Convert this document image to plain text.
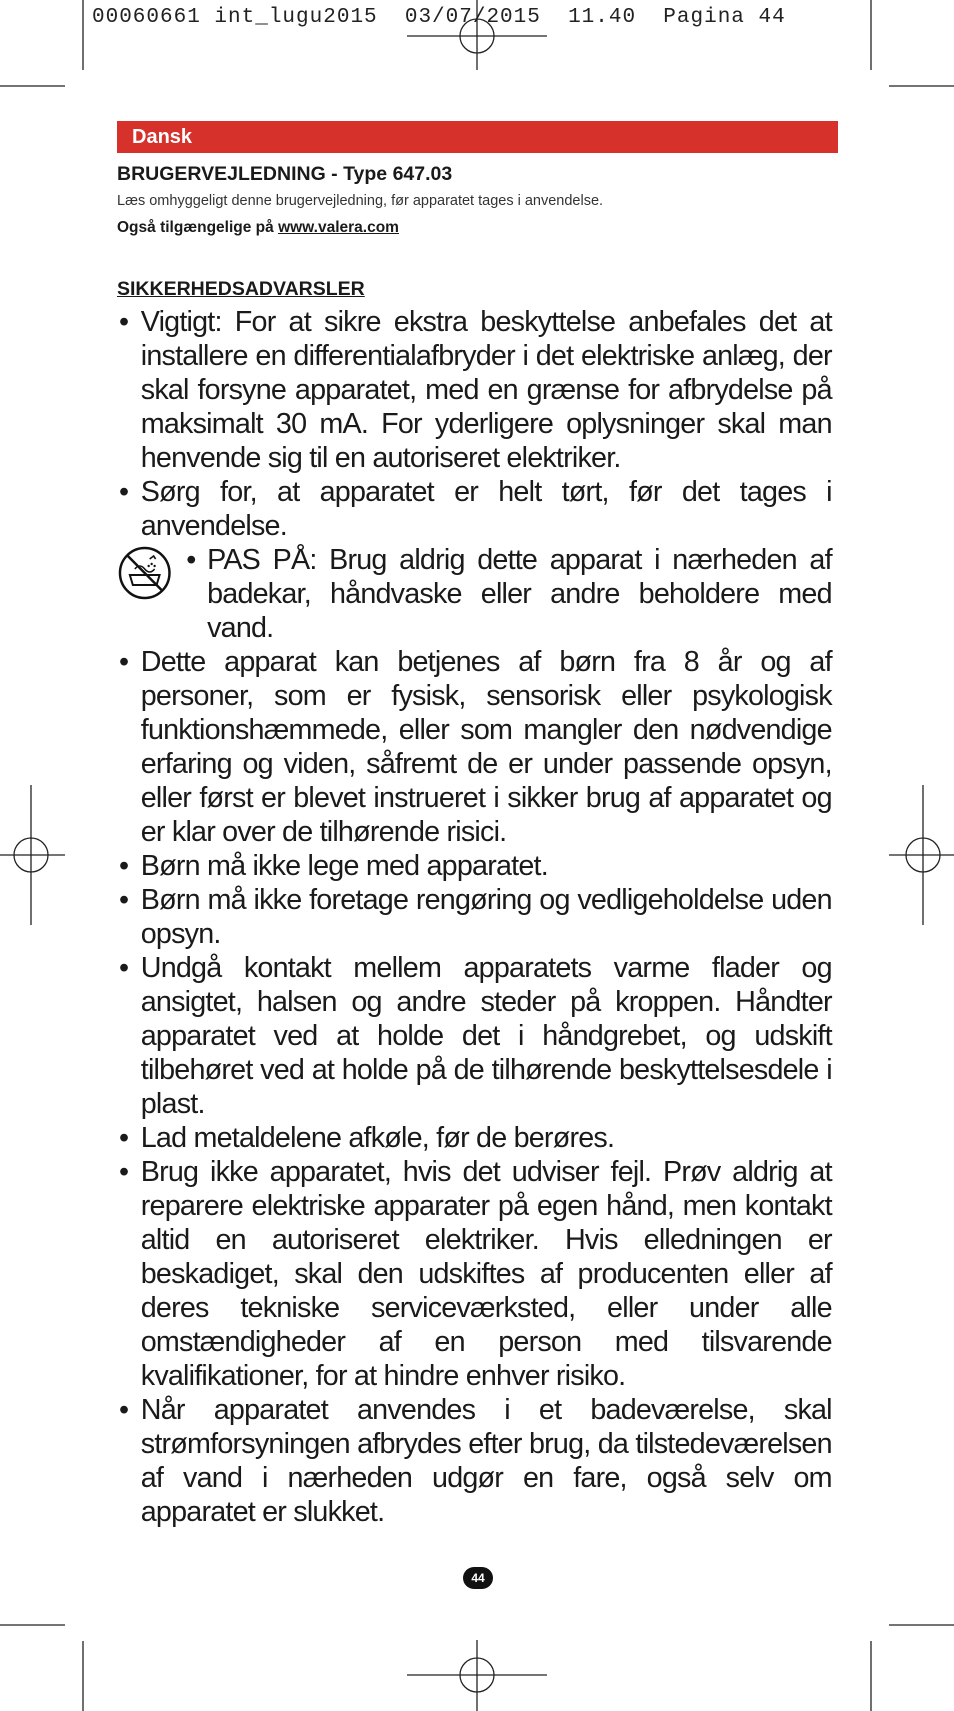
00060661 int_lugu2015  03/07/2015  11.40  Pagina 44
Dansk
BRUGERVEJLEDNING - Type 647.03
Læs omhyggeligt denne brugervejledning, før apparatet tages i anvendelse.
Også tilgængelige på www.valera.com
SIKKERHEDSADVARSLER
• Vigtigt: For at sikre ekstra beskyttelse anbefales det at installere en differentialafbryder i det elektriske anlæg, der skal forsyne apparatet, med en grænse for afbrydelse på maksimalt 30 mA. For yderligere oplysninger skal man henvende sig til en autoriseret elektriker.
• Sørg for, at apparatet er helt tørt, før det tages i anvendelse.
• PAS PÅ: Brug aldrig dette apparat i nærheden af badekar, håndvaske eller andre beholdere med vand.
• Dette apparat kan betjenes af børn fra 8 år og af personer, som er fysisk, sensorisk eller psykologisk funktionshæmmede, eller som mangler den nødvendige erfaring og viden, såfremt de er under passende opsyn, eller først er blevet instrueret i sikker brug af apparatet og er klar over de tilhørende risici.
• Børn må ikke lege med apparatet.
• Børn må ikke foretage rengøring og vedligeholdelse uden opsyn.
• Undgå kontakt mellem apparatets varme flader og ansigtet, halsen og andre steder på kroppen. Håndter apparatet ved at holde det i håndgrebet, og udskift tilbehøret ved at holde på de tilhørende beskyttelsesdele i plast.
• Lad metaldelene afkøle, før de berøres.
• Brug ikke apparatet, hvis det udviser fejl. Prøv aldrig at reparere elektriske apparater på egen hånd, men kontakt altid en autoriseret elektriker. Hvis elledningen er beskadiget, skal den udskiftes af producenten eller af deres tekniske serviceværksted, eller under alle omstændigheder af en person med tilsvarende kvalifikationer, for at hindre enhver risiko.
• Når apparatet anvendes i et badeværelse, skal strømforsyningen afbrydes efter brug, da tilstedeværelsen af vand i nærheden udgør en fare, også selv om apparatet er slukket.
44
